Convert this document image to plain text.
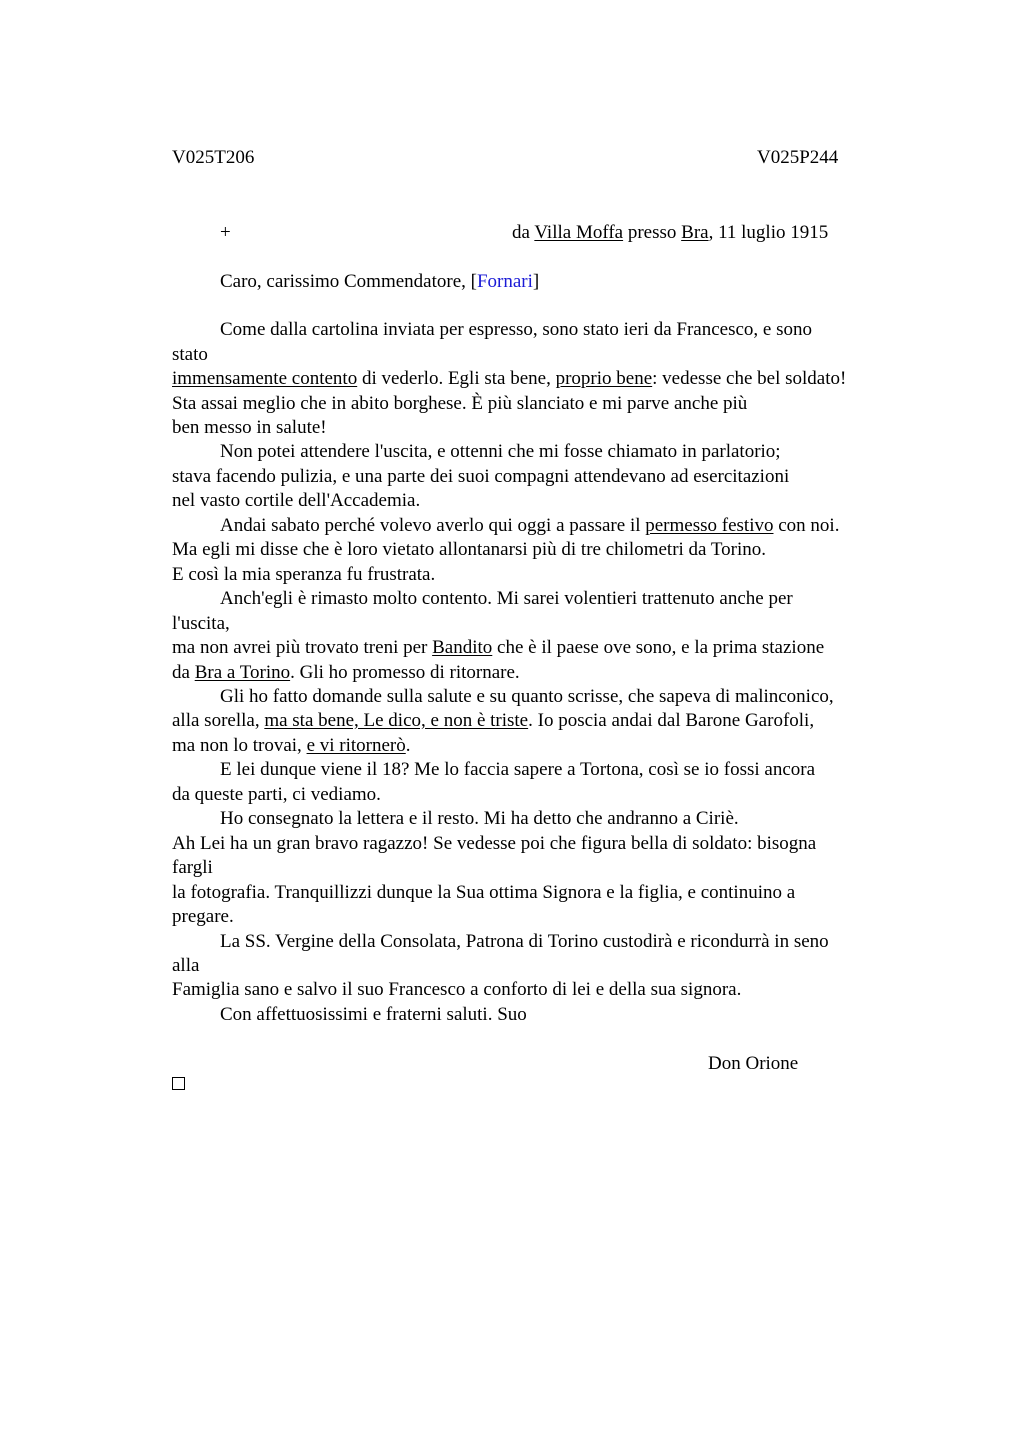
V025T206	V025P244
+	da Villa Moffa presso Bra, 11 luglio 1915
Caro, carissimo Commendatore, [Fornari]
Come dalla cartolina inviata per espresso, sono stato ieri da Francesco, e sono
stato
immensamente contento di vederlo. Egli sta bene, proprio bene: vedesse che bel soldato!
Sta assai meglio che in abito borghese. È più slanciato e mi parve anche più
ben messo in salute!
Non potei attendere l'uscita, e ottenni che mi fosse chiamato in parlatorio;
stava facendo pulizia, e una parte dei suoi compagni attendevano ad esercitazioni
nel vasto cortile dell'Accademia.
Andai sabato perché volevo averlo qui oggi a passare il permesso festivo con noi.
Ma egli mi disse che è loro vietato allontanarsi più di tre chilometri da Torino.
E così la mia speranza fu frustrata.
Anch'egli è rimasto molto contento. Mi sarei volentieri trattenuto anche per
l'uscita,
ma non avrei più trovato treni per Bandito che è il paese ove sono, e la prima stazione
da Bra a Torino. Gli ho promesso di ritornare.
Gli ho fatto domande sulla salute e su quanto scrisse, che sapeva di malinconico,
alla sorella, ma sta bene, Le dico, e non è triste. Io poscia andai dal Barone Garofoli,
ma non lo trovai, e vi ritornerò.
E lei dunque viene il 18? Me lo faccia sapere a Tortona, così se io fossi ancora
da queste parti, ci vediamo.
Ho consegnato la lettera e il resto. Mi ha detto che andranno a Ciriè.
Ah Lei ha un gran bravo ragazzo! Se vedesse poi che figura bella di soldato: bisogna
fargli
la fotografia. Tranquillizzi dunque la Sua ottima Signora e la figlia, e continuino a
pregare.
La SS. Vergine della Consolata, Patrona di Torino custodirà e ricondurrà in seno
alla
Famiglia sano e salvo il suo Francesco a conforto di lei e della sua signora.
Con affettuosissimi e fraterni saluti. Suo
Don Orione
